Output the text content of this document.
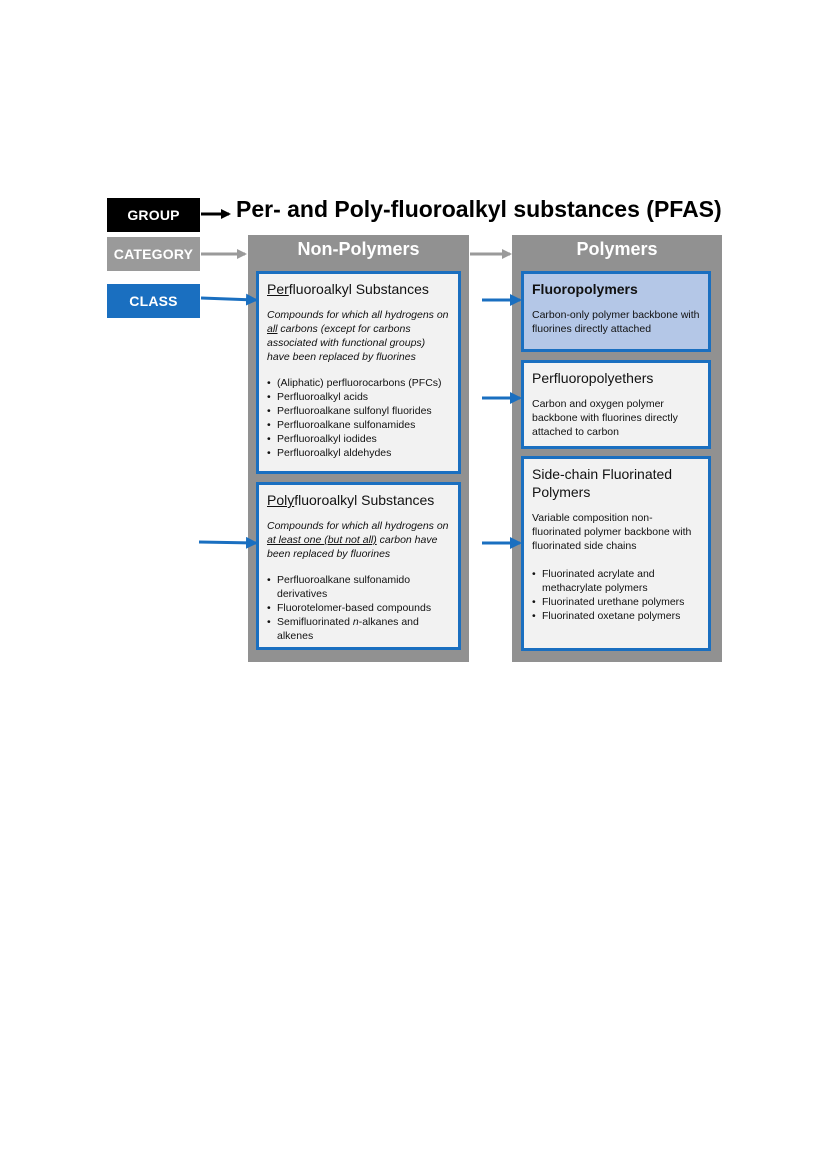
GROUP
CATEGORY
CLASS
Per- and Poly-fluoroalkyl substances (PFAS)
Non-Polymers	Polymers
Perfluoroalkyl Substances
Compounds for which all hydrogens on all carbons (except for carbons associated with functional groups) have been replaced by fluorines
• (Aliphatic) perfluorocarbons (PFCs)
• Perfluoroalkyl acids
• Perfluoroalkane sulfonyl fluorides
• Perfluoroalkane sulfonamides
• Perfluoroalkyl iodides
• Perfluoroalkyl aldehydes
Polyfluoroalkyl Substances
Compounds for which all hydrogens on at least one (but not all) carbon have been replaced by fluorines
• Perfluoroalkane sulfonamido derivatives
• Fluorotelomer-based compounds
• Semifluorinated n-alkanes and alkenes
Fluoropolymers
Carbon-only polymer backbone with fluorines directly attached
Perfluoropolyethers
Carbon and oxygen polymer backbone with fluorines directly attached to carbon
Side-chain Fluorinated Polymers
Variable composition non-fluorinated polymer backbone with fluorinated side chains
• Fluorinated acrylate and methacrylate polymers
• Fluorinated urethane polymers
• Fluorinated oxetane polymers
